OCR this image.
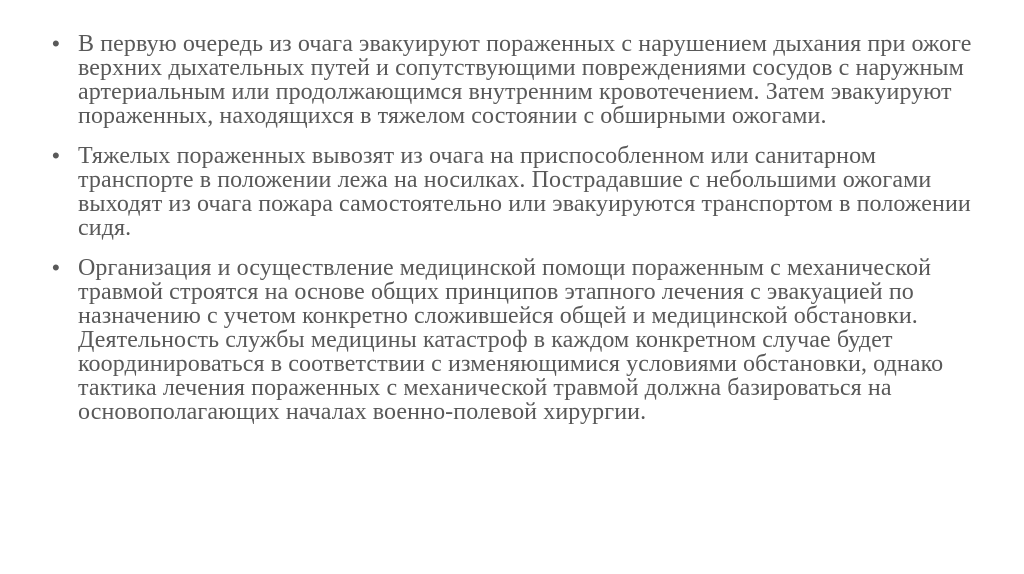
• В первую очередь из очага эвакуируют пораженных с нарушением дыхания при ожоге верхних дыхательных путей и сопутствующими повреждениями сосудов с наружным артериальным или продолжающимся внутренним кровотечением. Затем эвакуируют пораженных, находящихся в тяжелом состоянии с обширными ожогами.
• Тяжелых пораженных вывозят из очага на приспособленном или санитарном транспорте в положении лежа на носилках. Пострадавшие с небольшими ожогами выходят из очага пожара самостоятельно или эвакуируются транспортом в положении сидя.
• Организация и осуществление медицинской помощи пораженным с механической травмой строятся на основе общих принципов этапного лечения с эвакуацией по назначению с учетом конкретно сложившейся общей и медицинской обстановки. Деятельность службы медицины катастроф в каждом конкретном случае будет координироваться в соответствии с изменяющимися условиями обстановки, однако тактика лечения пораженных с механической травмой должна базироваться на основополагающих началах военно-полевой хирургии.
